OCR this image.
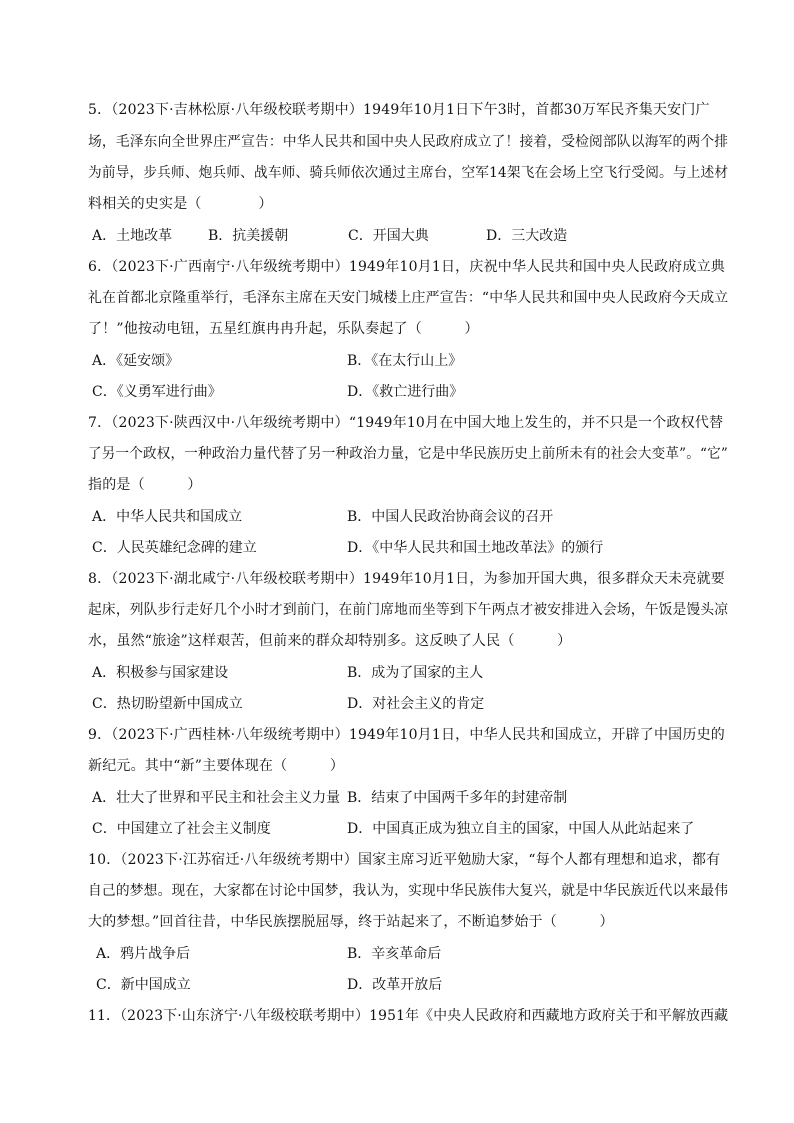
5．（2023下·吉林松原·八年级校联考期中）1949年10月1日下午3时，首都30万军民齐集天安门广
场，毛泽东向全世界庄严宣告：中华人民共和国中央人民政府成立了！接着，受检阅部队以海军的两个排
为前导，步兵师、炮兵师、战车师、骑兵师依次通过主席台，空军14架飞在会场上空飞行受阅。与上述材
料相关的史实是（　　　　）
A．土地改革	B．抗美援朝	C．开国大典	D．三大改造
6．（2023下·广西南宁·八年级统考期中）1949年10月1日，庆祝中华人民共和国中央人民政府成立典
礼在首都北京隆重举行，毛泽东主席在天安门城楼上庄严宣告：“中华人民共和国中央人民政府今天成立
了！”他按动电钮，五星红旗冉冉升起，乐队奏起了（　　　）
A．《延安颂》	B．《在太行山上》
C．《义勇军进行曲》	D．《救亡进行曲》
7．（2023下·陕西汉中·八年级统考期中）“1949年10月在中国大地上发生的，并不只是一个政权代替
了另一个政权，一种政治力量代替了另一种政治力量，它是中华民族历史上前所未有的社会大变革”。“它”
指的是（　　　）
A．中华人民共和国成立	B．中国人民政治协商会议的召开
C．人民英雄纪念碑的建立	D．《中华人民共和国土地改革法》的颁行
8．（2023下·湖北咸宁·八年级校联考期中）1949年10月1日，为参加开国大典，很多群众天未亮就要
起床，列队步行走好几个小时才到前门，在前门席地而坐等到下午两点才被安排进入会场，午饭是馒头凉
水，虽然“旅途”这样艰苦，但前来的群众却特别多。这反映了人民（　　　）
A．积极参与国家建设	B．成为了国家的主人
C．热切盼望新中国成立	D．对社会主义的肯定
9．（2023下·广西桂林·八年级统考期中）1949年10月1日，中华人民共和国成立，开辟了中国历史的
新纪元。其中“新”主要体现在（　　　）
A．壮大了世界和平民主和社会主义力量 B．结束了中国两千多年的封建帝制
C．中国建立了社会主义制度	D．中国真正成为独立自主的国家，中国人从此站起来了
10．（2023下·江苏宿迁·八年级统考期中）国家主席习近平勉励大家，“每个人都有理想和追求，都有
自己的梦想。现在，大家都在讨论中国梦，我认为，实现中华民族伟大复兴，就是中华民族近代以来最伟
大的梦想。”回首往昔，中华民族摆脱屈辱，终于站起来了，不断追梦始于（　　　）
A．鸦片战争后	B．辛亥革命后
C．新中国成立	D．改革开放后
11．（2023下·山东济宁·八年级校联考期中）1951年《中央人民政府和西藏地方政府关于和平解放西藏
